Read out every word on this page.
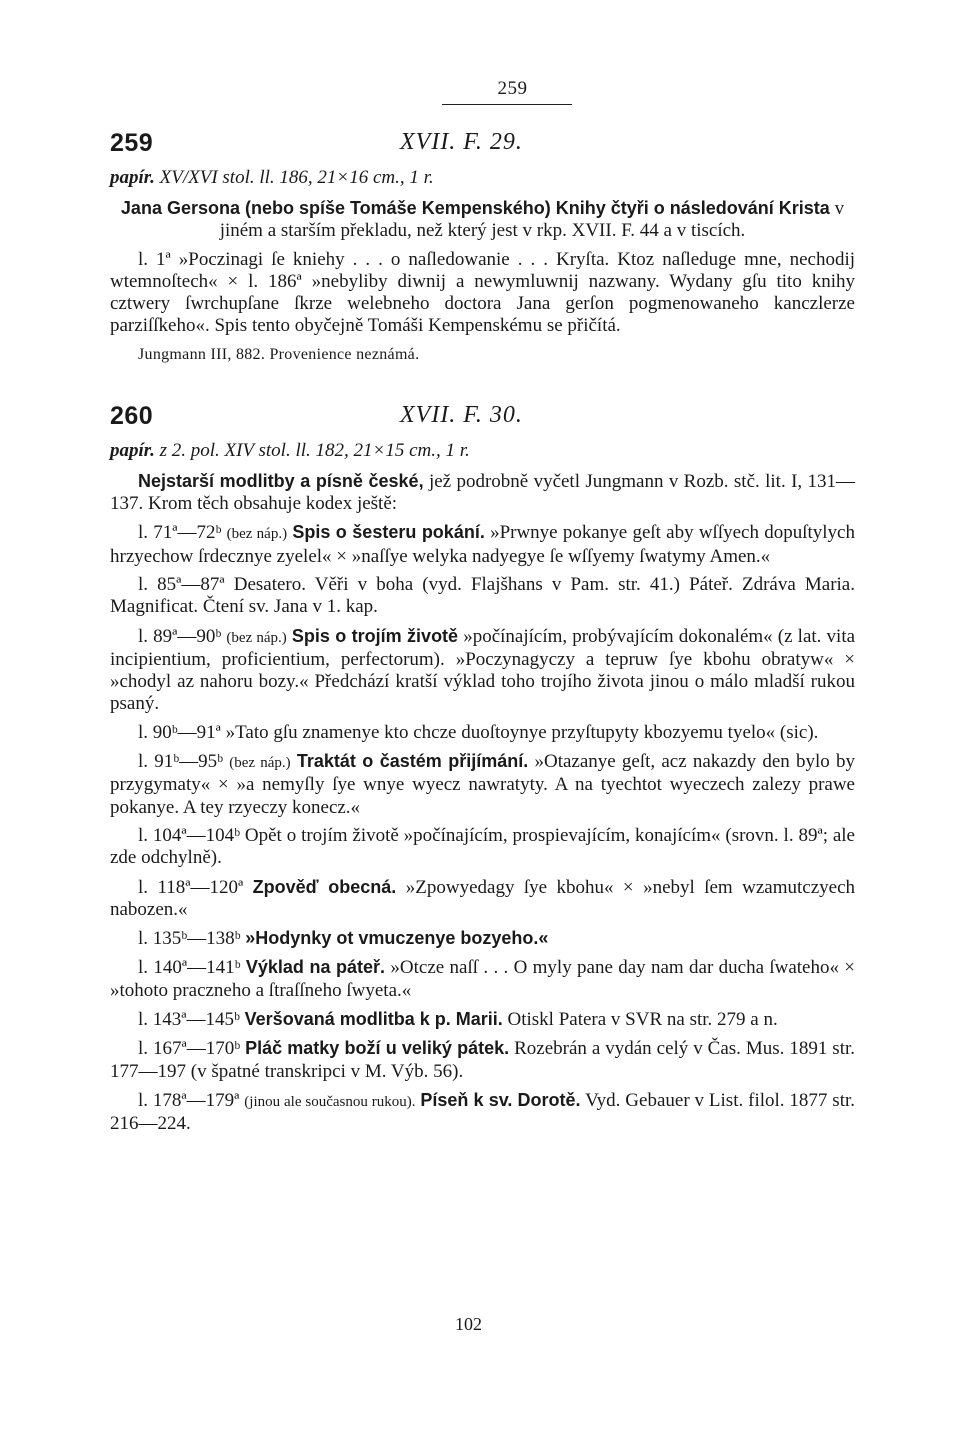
259
259	XVII. F. 29.
papír. XV/XVI stol. ll. 186, 21×16 cm., 1 r.

Jana Gersona (nebo spíše Tomáše Kempenského) Knihy čtyři o následování Krista v jiném a starším překladu, než který jest v rkp. XVII. F. 44 a v tiscích.

l. 1ª »Poczinagi ſe kniehy . . . o naſledowanie . . . Kryſta. Ktoz naſleduge mne, nechodij wtemnoſtech« × l. 186ª »nebyliby diwnij a newymluwnij nazwany. Wydany gſu tito knihy cztwery ſwrchupſane ſkrze welebneho doctora Jana gerſon pogmenowaneho kanczlerze parziſſkeho«. Spis tento obyčejně Tomáši Kempenskému se přičítá.

Jungmann III, 882. Provenience neznámá.
260	XVII. F. 30.
papír. z 2. pol. XIV stol. ll. 182, 21×15 cm., 1 r.

Nejstarší modlitby a písně české, jež podrobně vyčetl Jungmann v Rozb. stč. lit. I, 131—137. Krom těch obsahuje kodex ještě:

l. 71ª—72ᵇ (bez náp.) Spis o šesteru pokání. »Prwnye pokanye geſt aby wſſyech dopuſtylych hrzyechow ſrdecznye zyelel« × »naſſye welyka nadyegye ſe wſſyemy ſwatymy Amen.«

l. 85ª—87ª Desatero. Věři v boha (vyd. Flajšhans v Pam. str. 41.) Páteř. Zdráva Maria. Magnificat. Čtení sv. Jana v 1. kap.

l. 89ª—90ᵇ (bez náp.) Spis o trojím životě »počínajícím, probývajícím dokonalém« (z lat. vita incipientium, proficientium, perfectorum). »Poczynagyczy a tepruw ſye kbohu obratyw« × »chodyl az nahoru bozy.« Předchází kratší výklad toho trojího života jinou o málo mladší rukou psaný.

l. 90ᵇ—91ª »Tato gſu znamenye kto chcze duoſtoynye przyſtupyty kbozyemu tyelo« (sic).

l. 91ᵇ—95ᵇ (bez náp.) Traktát o častém přijímání. »Otazanye geſt, acz nakazdy den bylo by przygymaty« × »a nemyſly ſye wnye wyecz nawratyty. A na tyechtot wyeczech zalezy prawe pokanye. A tey rzyeczy konecz.«

l. 104ª—104ᵇ Opět o trojím životě »počínajícím, prospievajícím, konajícím« (srovn. l. 89ª; ale zde odchylně).

l. 118ª—120ª Zpověď obecná. »Zpowyedagy ſye kbohu« × »nebyl ſem wzamutczyech nabozen.«

l. 135ᵇ—138ᵇ »Hodynky ot vmuczenye bozyeho.«

l. 140ª—141ᵇ Výklad na páteř. »Otcze naſſ . . . O myly pane day nam dar ducha ſwateho« × »tohoto praczneho a ſtraſſneho ſwyeta.«

l. 143ª—145ᵇ Veršovaná modlitba k p. Marii. Otiskl Patera v SVR na str. 279 a n.

l. 167ª—170ᵇ Pláč matky boží u veliký pátek. Rozebrán a vydán celý v Čas. Mus. 1891 str. 177—197 (v špatné transkripci v M. Výb. 56).

l. 178ª—179ª (jinou ale současnou rukou). Píseň k sv. Dorotě. Vyd. Gebauer v List. filol. 1877 str. 216—224.

102
